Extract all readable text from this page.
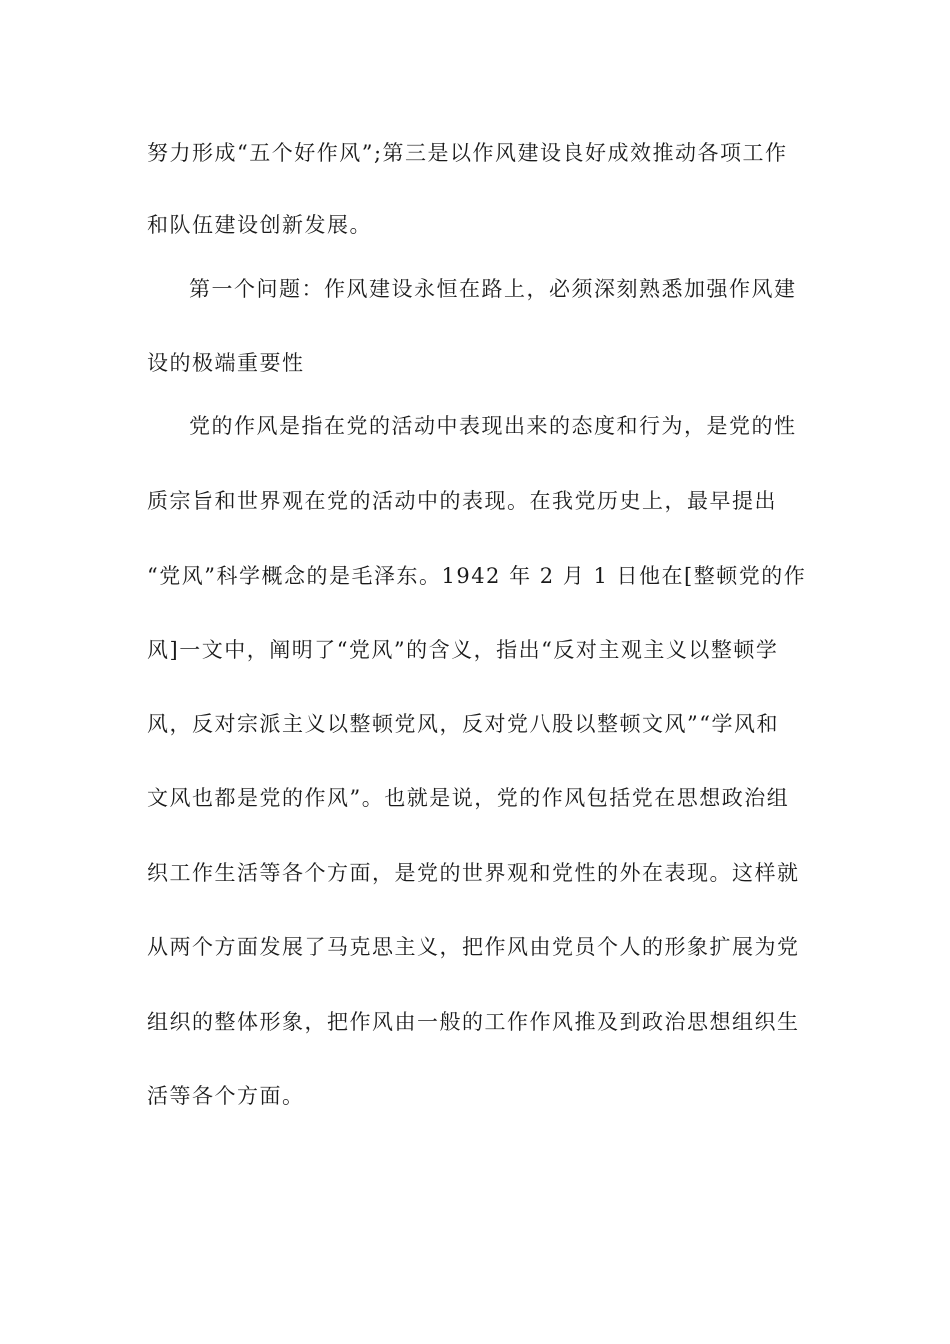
努力形成“五个好作风”;第三是以作风建设良好成效推动各项工作
和队伍建设创新发展。
第一个问题：作风建设永恒在路上，必须深刻熟悉加强作风建
设的极端重要性
党的作风是指在党的活动中表现出来的态度和行为，是党的性
质宗旨和世界观在党的活动中的表现。在我党历史上，最早提出
“党风”科学概念的是毛泽东。1942 年 2 月 1 日他在[整顿党的作
风]一文中，阐明了“党风”的含义，指出“反对主观主义以整顿学
风，反对宗派主义以整顿党风，反对党八股以整顿文风”“学风和
文风也都是党的作风”。也就是说，党的作风包括党在思想政治组
织工作生活等各个方面，是党的世界观和党性的外在表现。这样就
从两个方面发展了马克思主义，把作风由党员个人的形象扩展为党
组织的整体形象，把作风由一般的工作作风推及到政治思想组织生
活等各个方面。
